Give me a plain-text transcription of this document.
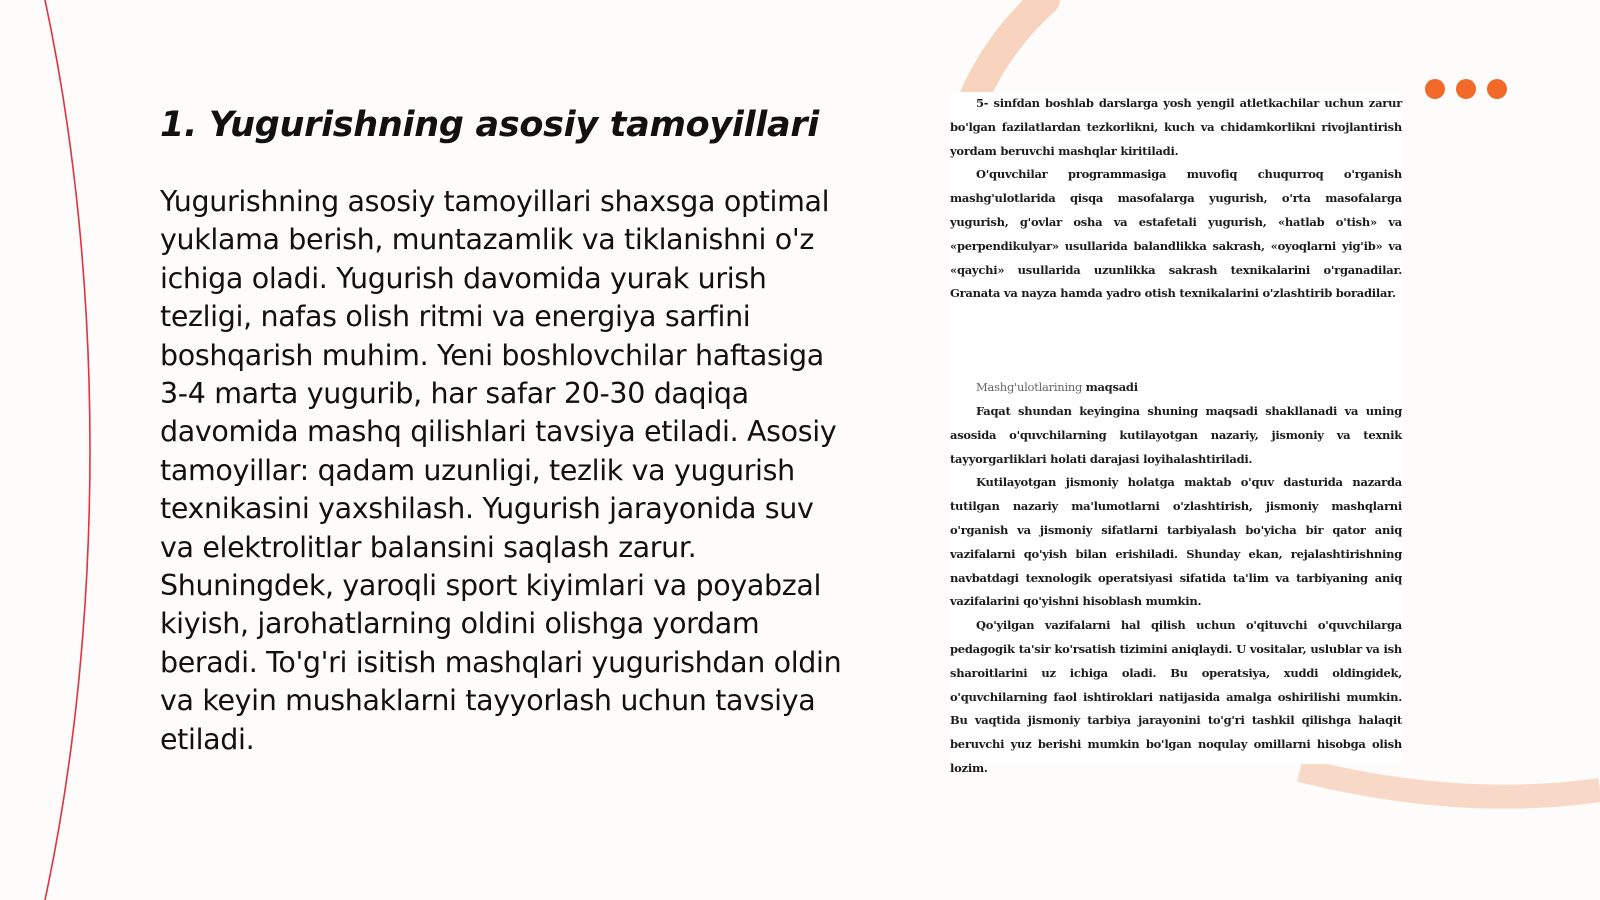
1. Yugurishning asosiy tamoyillari

Yugurishning asosiy tamoyillari shaxsga optimal yuklama berish, muntazamlik va tiklanishni o'z ichiga oladi. Yugurish davomida yurak urish tezligi, nafas olish ritmi va energiya sarfini boshqarish muhim. Yeni boshlovchilar haftasiga 3-4 marta yugurib, har safar 20-30 daqiqa davomida mashq qilishlari tavsiya etiladi. Asosiy tamoyillar: qadam uzunligi, tezlik va yugurish texnikasini yaxshilash. Yugurish jarayonida suv va elektrolitlar balansini saqlash zarur. Shuningdek, yaroqli sport kiyimlari va poyabzal kiyish, jarohatlarning oldini olishga yordam beradi. To'g'ri isitish mashqlari yugurishdan oldin va keyin mushaklarni tayyorlash uchun tavsiya etiladi.

5- sinfdan boshlab darslarga yosh yengil atletkachilar uchun zarur bo'lgan fazilatlardan tezkorlikni, kuch va chidamkorlikni rivojlantirish yordam beruvchi mashqlar kiritiladi.

O'quvchilar programmasiga muvofiq chuqurroq o'rganish mashg'ulotlarida qisqa masofalarga yugurish, o'rta masofalarga yugurish, g'ovlar osha va estafetali yugurish, «hatlab o'tish» va «perpendikulyar» usullarida balandlikka sakrash, «oyoqlarni yig'ib» va «qaychi» usullarida uzunlikka sakrash texnikalarini o'rganadilar. Granata va nayza hamda yadro otish texnikalarini o'zlashtirib boradilar.

Mashg'ulotlarining maqsadi

Faqat shundan keyingina shuning maqsadi shakllanadi va uning asosida o'quvchilarning kutilayotgan nazariy, jismoniy va texnik tayyorgarliklari holati darajasi loyihalashtiriladi.

Kutilayotgan jismoniy holatga maktab o'quv dasturida nazarda tutilgan nazariy ma'lumotlarni o'zlashtirish, jismoniy mashqlarni o'rganish va jismoniy sifatlarni tarbiyalash bo'yicha bir qator aniq vazifalarni qo'yish bilan erishiladi. Shunday ekan, rejalashtirishning navbatdagi texnologik operatsiyasi sifatida ta'lim va tarbiyaning aniq vazifalarini qo'yishni hisoblash mumkin.

Qo'yilgan vazifalarni hal qilish uchun o'qituvchi o'quvchilarga pedagogik ta'sir ko'rsatish tizimini aniqlaydi. U vositalar, uslublar va ish sharoitlarini uz ichiga oladi. Bu operatsiya, xuddi oldingidek, o'quvchilarning faol ishtiroklari natijasida amalga oshirilishi mumkin. Bu vaqtida jismoniy tarbiya jarayonini to'g'ri tashkil qilishga halaqit beruvchi yuz berishi mumkin bo'lgan noqulay omillarni hisobga olish lozim.
